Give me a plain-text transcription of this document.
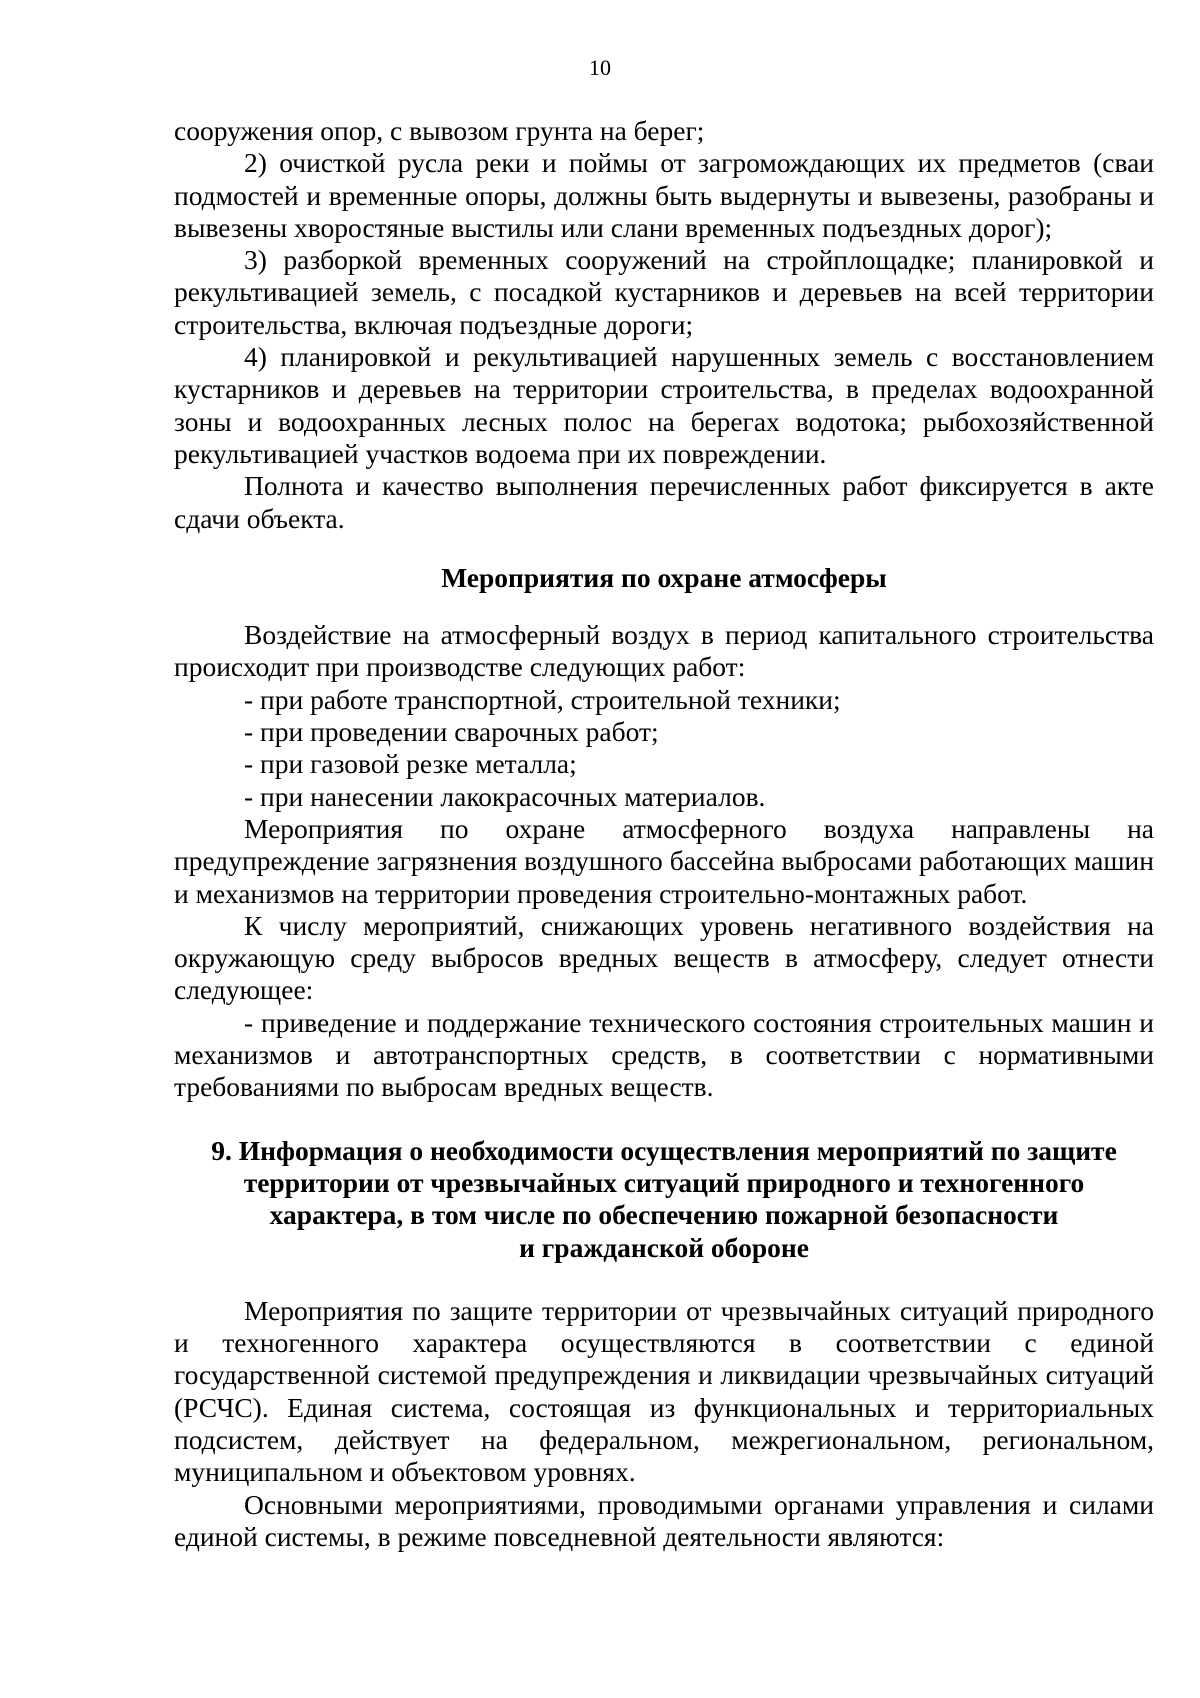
10

сооружения опор, с вывозом грунта на берег;

2) очисткой русла реки и поймы от загромождающих их предметов (сваи подмостей и временные опоры, должны быть выдернуты и вывезены, разобраны и вывезены хворостяные выстилы или слани временных подъездных дорог);

3) разборкой временных сооружений на стройплощадке; планировкой и рекультивацией земель, с посадкой кустарников и деревьев на всей территории строительства, включая подъездные дороги;

4) планировкой и рекультивацией нарушенных земель с восстановлением кустарников и деревьев на территории строительства, в пределах водоохранной зоны и водоохранных лесных полос на берегах водотока; рыбохозяйственной рекультивацией участков водоема при их повреждении.

Полнота и качество выполнения перечисленных работ фиксируется в акте сдачи объекта.

Мероприятия по охране атмосферы

Воздействие на атмосферный воздух в период капитального строительства происходит при производстве следующих работ:

- при работе транспортной, строительной техники;

- при проведении сварочных работ;

- при газовой резке металла;

- при нанесении лакокрасочных материалов.

Мероприятия по охране атмосферного воздуха направлены на предупреждение загрязнения воздушного бассейна выбросами работающих машин и механизмов на территории проведения строительно-монтажных работ.

К числу мероприятий, снижающих уровень негативного воздействия на окружающую среду выбросов вредных веществ в атмосферу, следует отнести следующее:

- приведение и поддержание технического состояния строительных машин и механизмов и автотранспортных средств, в соответствии с нормативными требованиями по выбросам вредных веществ.

9. Информация о необходимости осуществления мероприятий по защите

территории от чрезвычайных ситуаций природного и техногенного

характера, в том числе по обеспечению пожарной безопасности

и гражданской обороне

Мероприятия по защите территории от чрезвычайных ситуаций природного и техногенного характера осуществляются в соответствии с единой государственной системой предупреждения и ликвидации чрезвычайных ситуаций (РСЧС). Единая система, состоящая из функциональных и территориальных подсистем, действует на федеральном, межрегиональном, региональном, муниципальном и объектовом уровнях.

Основными мероприятиями, проводимыми органами управления и силами единой системы, в режиме повседневной деятельности являются:
